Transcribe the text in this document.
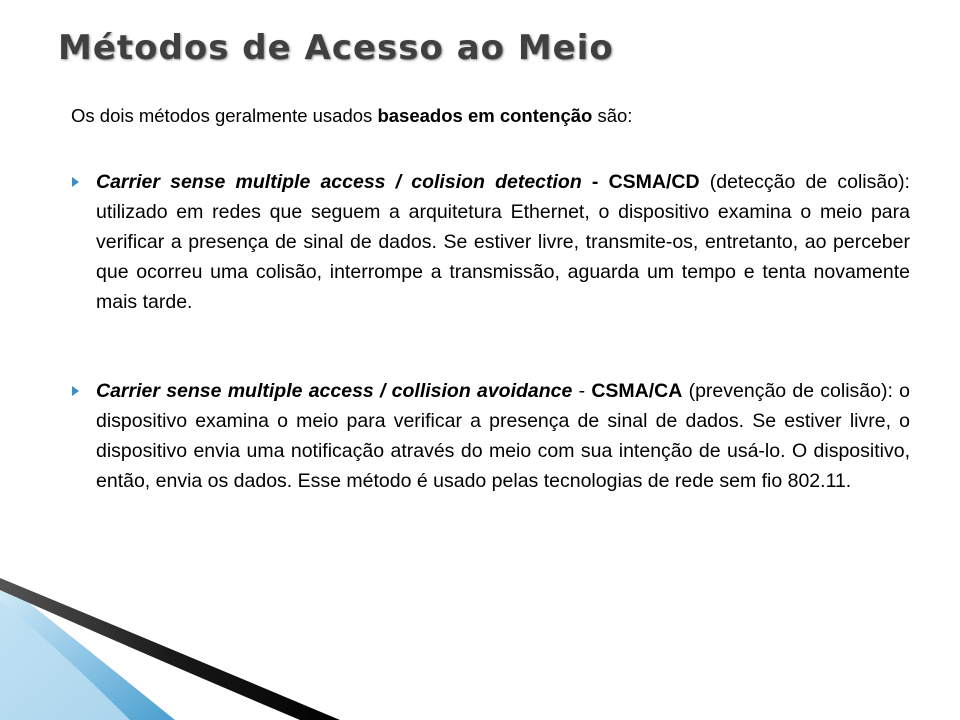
Métodos de Acesso ao Meio
Os dois métodos geralmente usados baseados em contenção são:
Carrier sense multiple access / colision detection - CSMA/CD (detecção de colisão): utilizado em redes que seguem a arquitetura Ethernet, o dispositivo examina o meio para verificar a presença de sinal de dados. Se estiver livre, transmite-os, entretanto, ao perceber que ocorreu uma colisão, interrompe a transmissão, aguarda um tempo e tenta novamente mais tarde.
Carrier sense multiple access / collision avoidance - CSMA/CA (prevenção de colisão): o dispositivo examina o meio para verificar a presença de sinal de dados. Se estiver livre, o dispositivo envia uma notificação através do meio com sua intenção de usá-lo. O dispositivo, então, envia os dados. Esse método é usado pelas tecnologias de rede sem fio 802.11.
